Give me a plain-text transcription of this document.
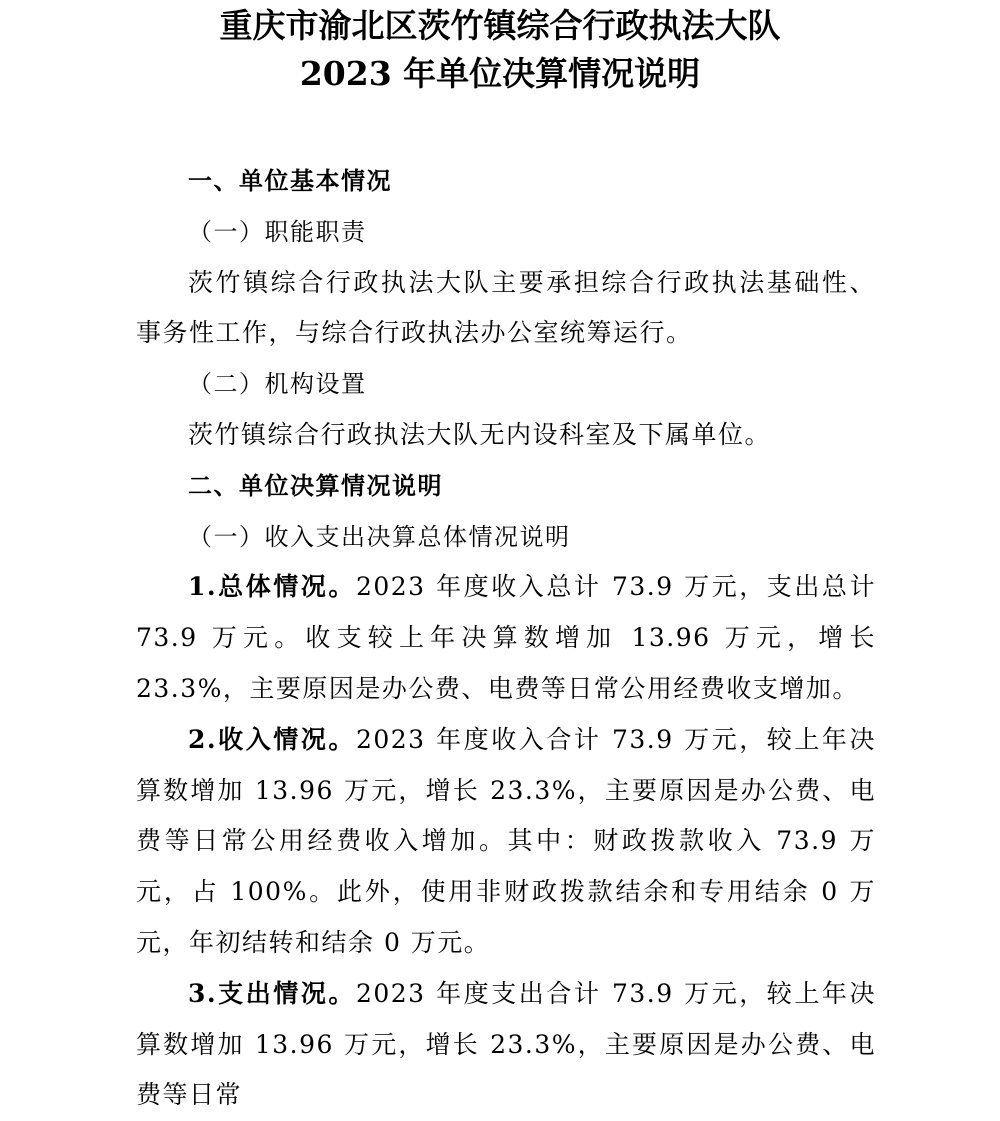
重庆市渝北区茨竹镇综合行政执法大队
2023 年单位决算情况说明

一、单位基本情况

（一）职能职责

茨竹镇综合行政执法大队主要承担综合行政执法基础性、事务性工作，与综合行政执法办公室统筹运行。

（二）机构设置

茨竹镇综合行政执法大队无内设科室及下属单位。

二、单位决算情况说明

（一）收入支出决算总体情况说明

1.总体情况。2023 年度收入总计 73.9 万元，支出总计 73.9 万元。收支较上年决算数增加 13.96 万元，增长 23.3%，主要原因是办公费、电费等日常公用经费收支增加。

2.收入情况。2023 年度收入合计 73.9 万元，较上年决算数增加 13.96 万元，增长 23.3%，主要原因是办公费、电费等日常公用经费收入增加。其中：财政拨款收入 73.9 万元，占 100%。此外，使用非财政拨款结余和专用结余 0 万元，年初结转和结余 0 万元。

3.支出情况。2023 年度支出合计 73.9 万元，较上年决算数增加 13.96 万元，增长 23.3%，主要原因是办公费、电费等日常
